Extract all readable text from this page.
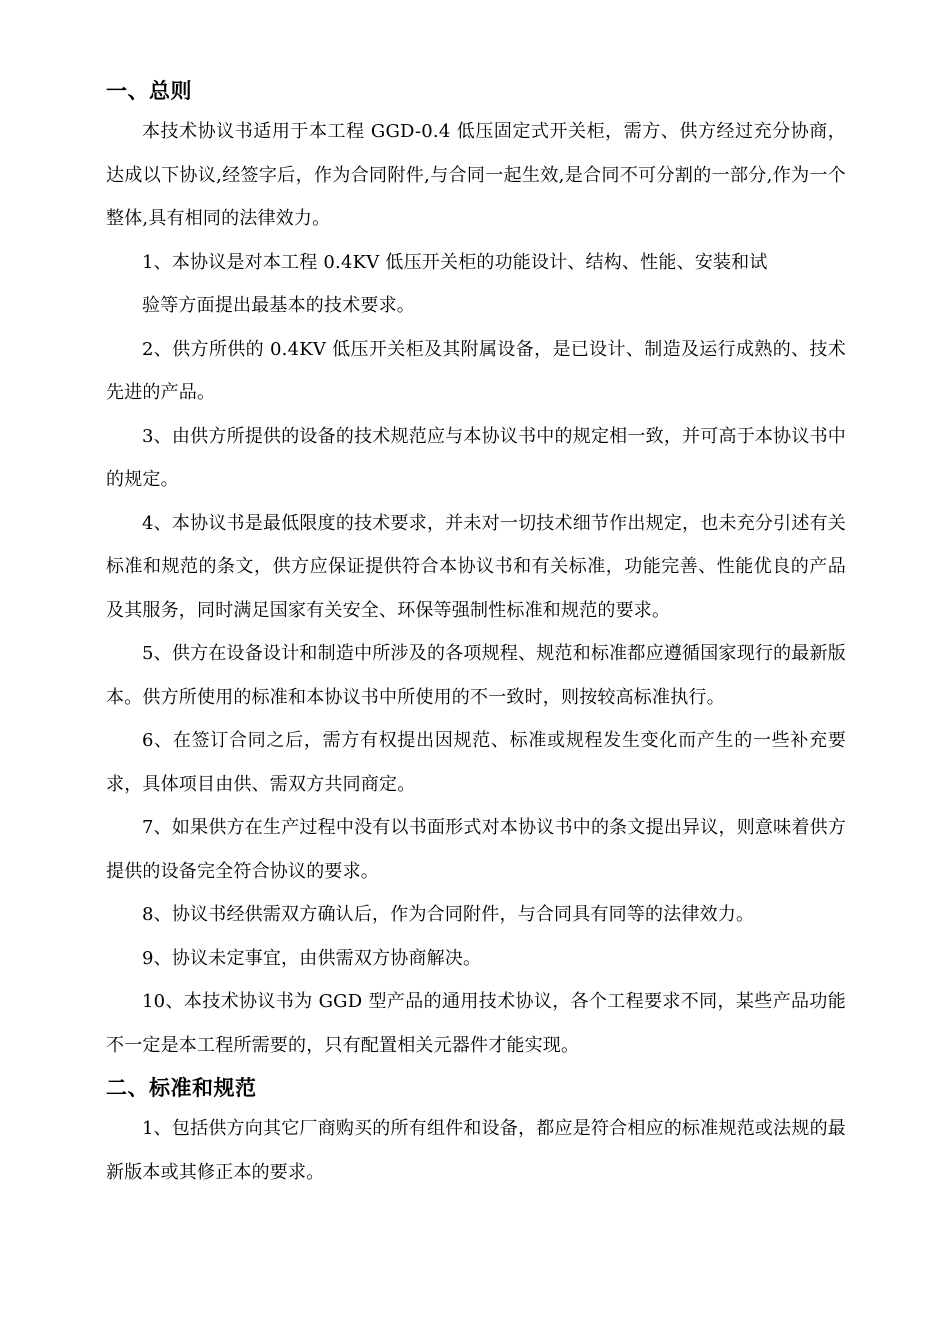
一、总则

本技术协议书适用于本工程 GGD-0.4 低压固定式开关柜，需方、供方经过充分协商，达成以下协议,经签字后，作为合同附件,与合同一起生效,是合同不可分割的一部分,作为一个整体,具有相同的法律效力。

1、本协议是对本工程 0.4KV 低压开关柜的功能设计、结构、性能、安装和试

验等方面提出最基本的技术要求。

2、供方所供的 0.4KV 低压开关柜及其附属设备，是已设计、制造及运行成熟的、技术先进的产品。

3、由供方所提供的设备的技术规范应与本协议书中的规定相一致，并可高于本协议书中的规定。

4、本协议书是最低限度的技术要求，并未对一切技术细节作出规定，也未充分引述有关标准和规范的条文，供方应保证提供符合本协议书和有关标准，功能完善、性能优良的产品及其服务，同时满足国家有关安全、环保等强制性标准和规范的要求。

5、供方在设备设计和制造中所涉及的各项规程、规范和标准都应遵循国家现行的最新版本。供方所使用的标准和本协议书中所使用的不一致时，则按较高标准执行。

6、在签订合同之后，需方有权提出因规范、标准或规程发生变化而产生的一些补充要求，具体项目由供、需双方共同商定。

7、如果供方在生产过程中没有以书面形式对本协议书中的条文提出异议，则意味着供方提供的设备完全符合协议的要求。

8、协议书经供需双方确认后，作为合同附件，与合同具有同等的法律效力。

9、协议未定事宜，由供需双方协商解决。

10、本技术协议书为 GGD 型产品的通用技术协议，各个工程要求不同，某些产品功能不一定是本工程所需要的，只有配置相关元器件才能实现。

二、标准和规范

1、包括供方向其它厂商购买的所有组件和设备，都应是符合相应的标准规范或法规的最新版本或其修正本的要求。
